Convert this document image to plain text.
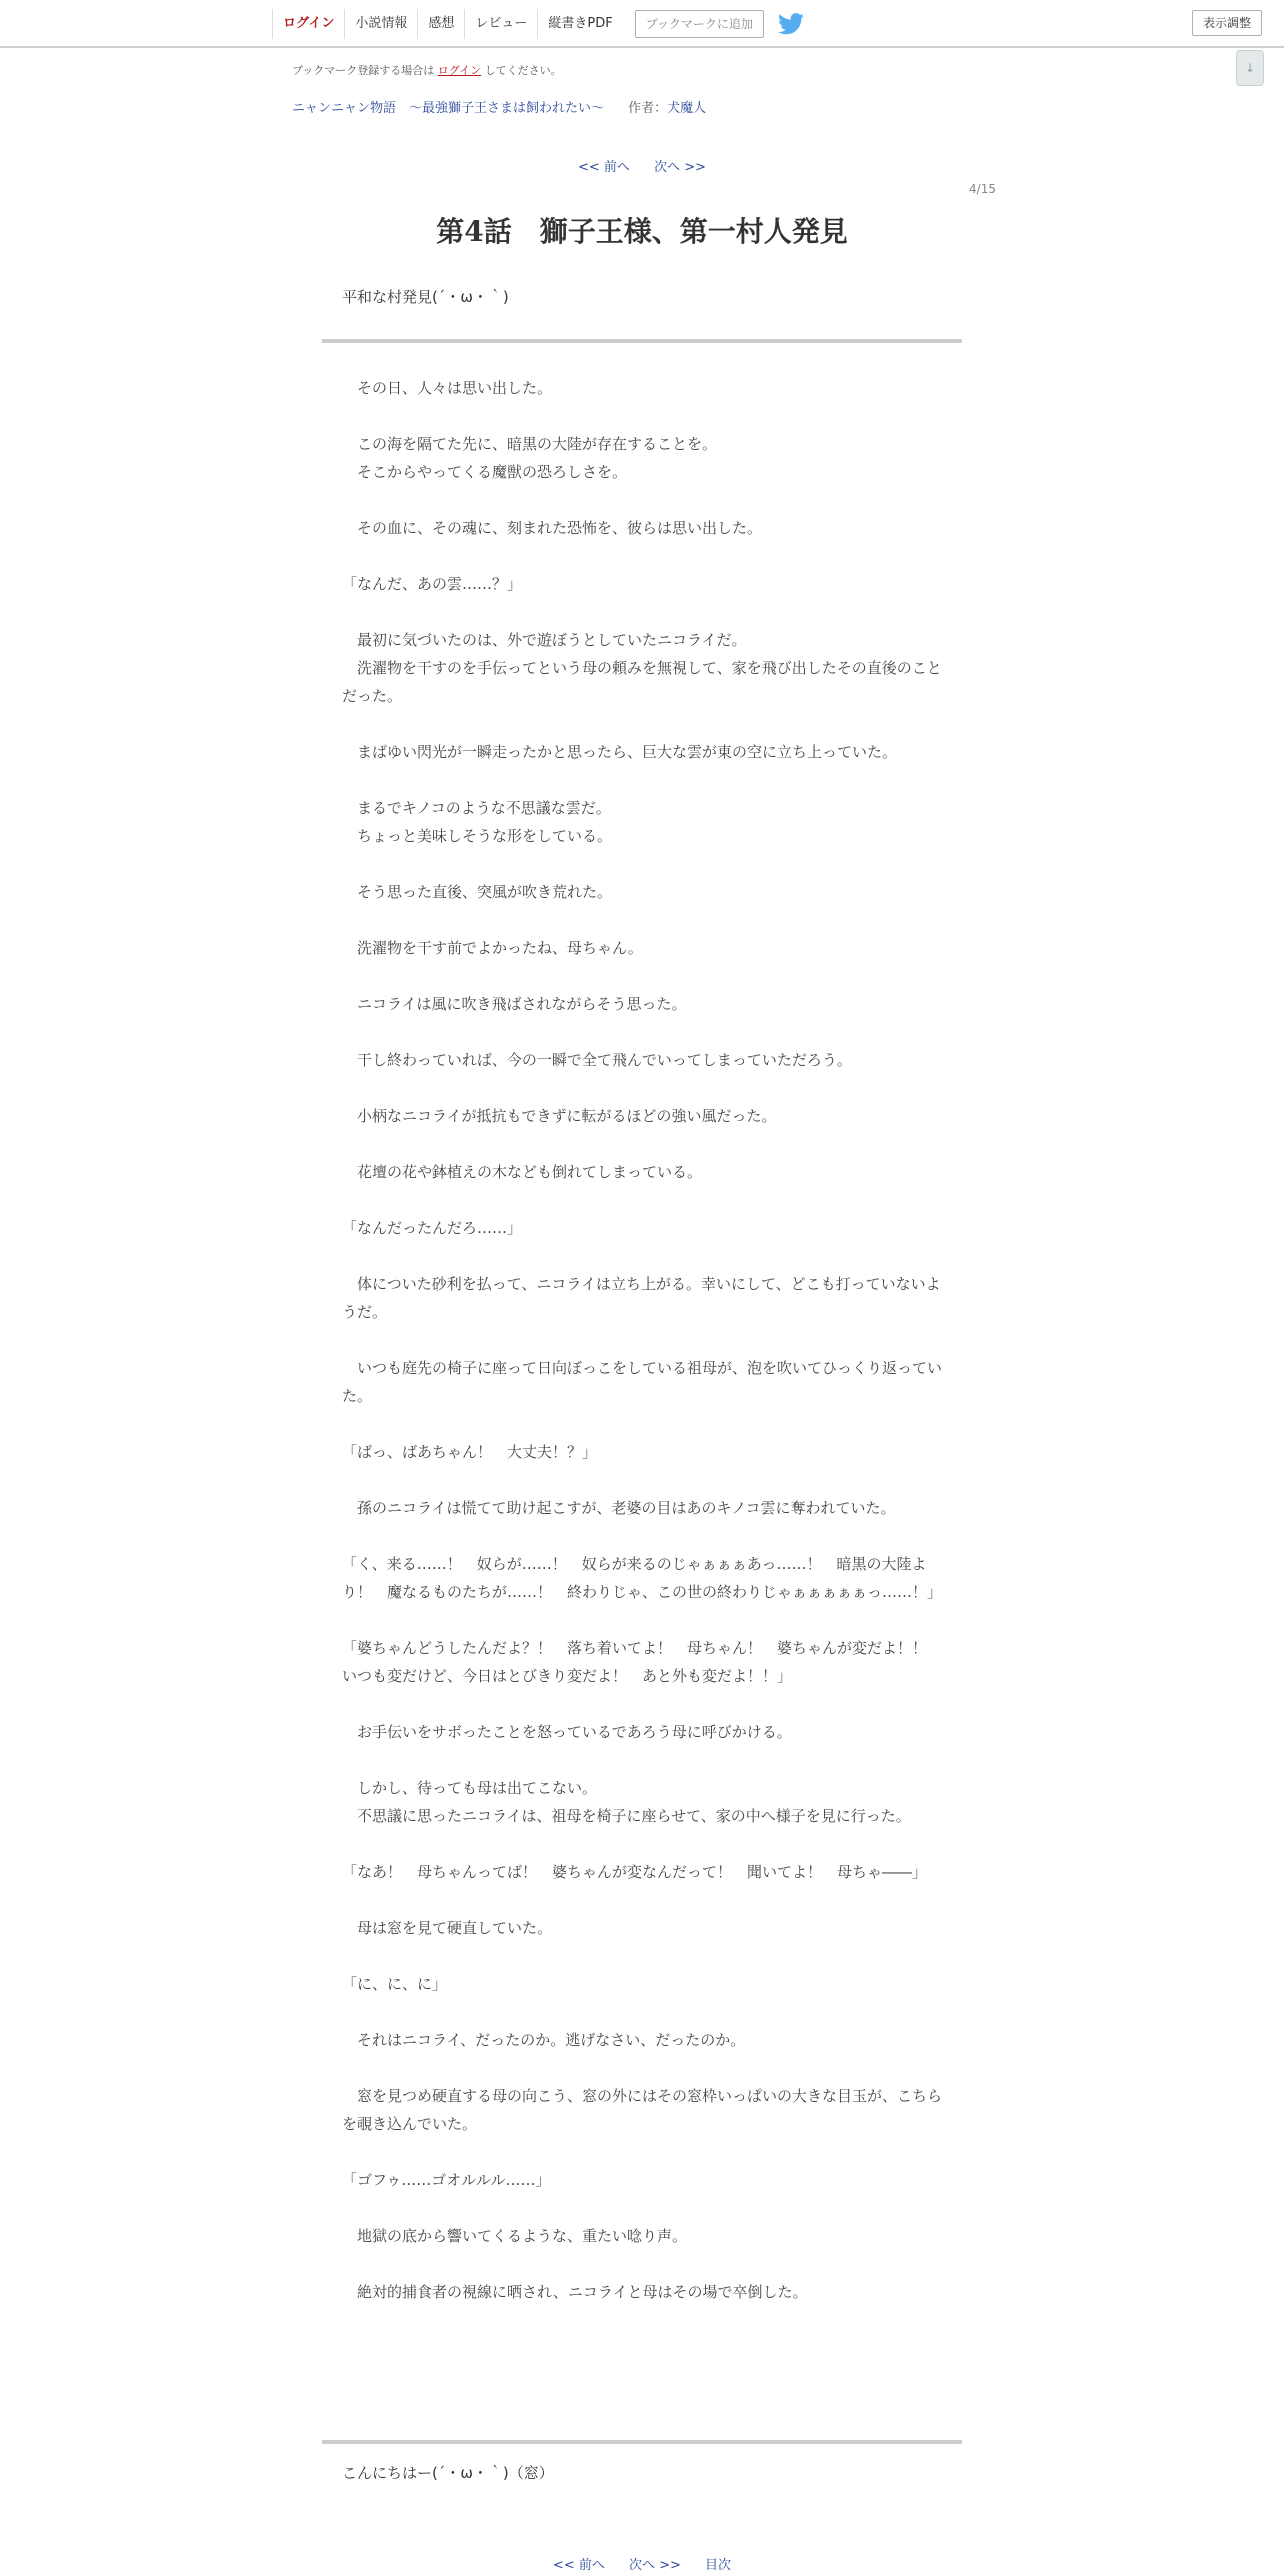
ログイン	小説情報	感想	レビュー	縦書きPDF	ブックマークに追加	表示調整
↓
ブックマーク登録する場合は ログイン してください。
ニャンニャン物語　～最強獅子王さまは飼われたい～ 作者：犬魔人
<< 前へ 次へ >>
4/15
第4話　獅子王様、第一村人発見
平和な村発見(´・ω・｀)

　その日、人々は思い出した。

　この海を隔てた先に、暗黒の大陸が存在することを。
　そこからやってくる魔獣の恐ろしさを。

　その血に、その魂に、刻まれた恐怖を、彼らは思い出した。

「なんだ、あの雲……？」

　最初に気づいたのは、外で遊ぼうとしていたニコライだ。
　洗濯物を干すのを手伝ってという母の頼みを無視して、家を飛び出したその直後のことだった。

　まばゆい閃光が一瞬走ったかと思ったら、巨大な雲が東の空に立ち上っていた。

　まるでキノコのような不思議な雲だ。
　ちょっと美味しそうな形をしている。

　そう思った直後、突風が吹き荒れた。

　洗濯物を干す前でよかったね、母ちゃん。

　ニコライは風に吹き飛ばされながらそう思った。

　干し終わっていれば、今の一瞬で全て飛んでいってしまっていただろう。

　小柄なニコライが抵抗もできずに転がるほどの強い風だった。

　花壇の花や鉢植えの木なども倒れてしまっている。

「なんだったんだろ……」

　体についた砂利を払って、ニコライは立ち上がる。幸いにして、どこも打っていないようだ。

　いつも庭先の椅子に座って日向ぼっこをしている祖母が、泡を吹いてひっくり返っていた。

「ばっ、ばあちゃん！　大丈夫！？」

　孫のニコライは慌てて助け起こすが、老婆の目はあのキノコ雲に奪われていた。

「く、来る……！　奴らが……！　奴らが来るのじゃぁぁぁあっ……！　暗黒の大陸より！　魔なるものたちが……！　終わりじゃ、この世の終わりじゃぁぁぁぁぁっ……！」

「婆ちゃんどうしたんだよ？！　落ち着いてよ！　母ちゃん！　婆ちゃんが変だよ！！　いつも変だけど、今日はとびきり変だよ！　あと外も変だよ！！」

　お手伝いをサボったことを怒っているであろう母に呼びかける。

　しかし、待っても母は出てこない。
　不思議に思ったニコライは、祖母を椅子に座らせて、家の中へ様子を見に行った。

「なあ！　母ちゃんってば！　婆ちゃんが変なんだって！　聞いてよ！　母ちゃ――」

　母は窓を見て硬直していた。

「に、に、に」

　それはニコライ、だったのか。逃げなさい、だったのか。

　窓を見つめ硬直する母の向こう、窓の外にはその窓枠いっぱいの大きな目玉が、こちらを覗き込んでいた。

「ゴフゥ……ゴオルルル……」

　地獄の底から響いてくるような、重たい唸り声。

　絶対的捕食者の視線に晒され、ニコライと母はその場で卒倒した。

こんにちはー(´・ω・｀)（窓）
<< 前へ 次へ >> 目次
